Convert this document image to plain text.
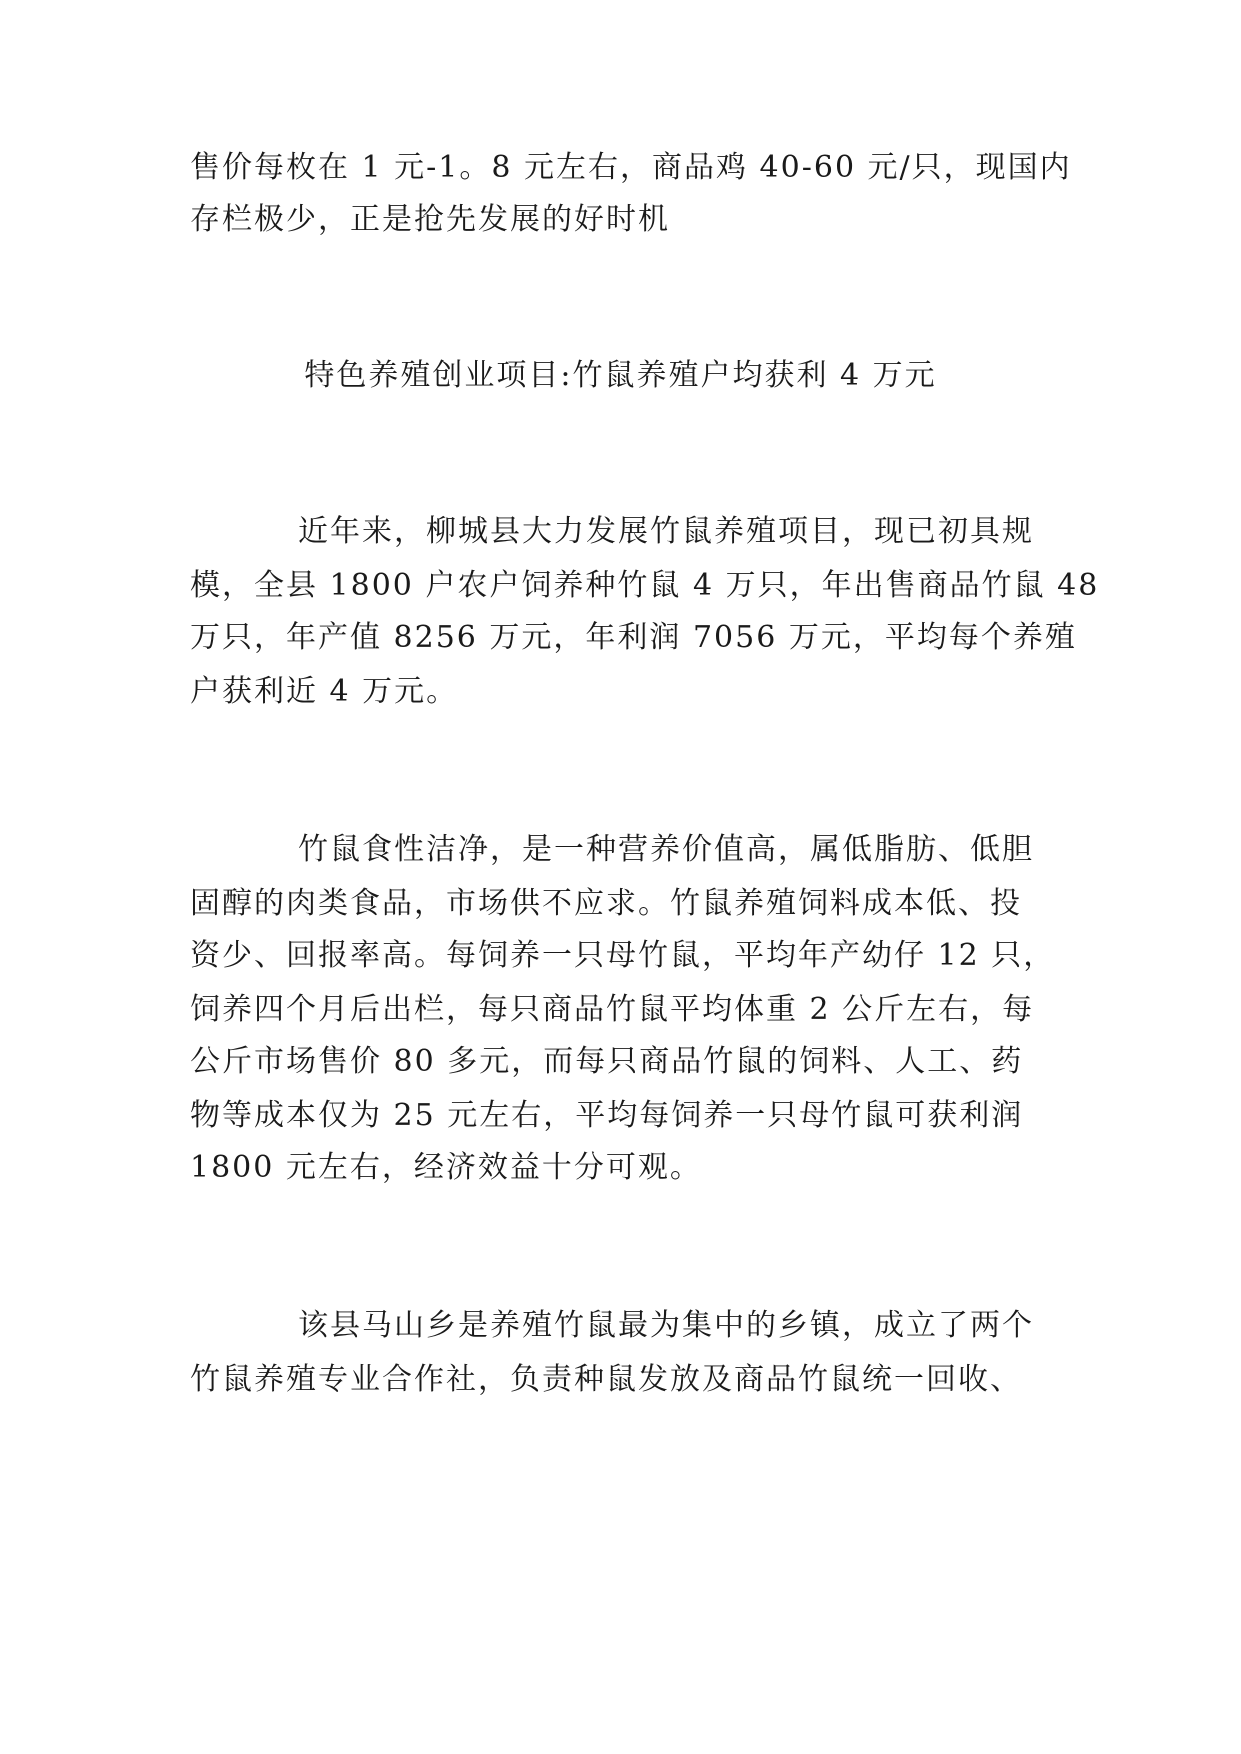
售价每枚在 1 元-1。8 元左右，商品鸡 40-60 元/只，现国内
存栏极少，正是抢先发展的好时机
特色养殖创业项目:竹鼠养殖户均获利 4 万元
近年来，柳城县大力发展竹鼠养殖项目，现已初具规
模，全县 1800 户农户饲养种竹鼠 4 万只，年出售商品竹鼠 48
万只，年产值 8256 万元，年利润 7056 万元，平均每个养殖
户获利近 4 万元。
竹鼠食性洁净，是一种营养价值高，属低脂肪、低胆
固醇的肉类食品，市场供不应求。竹鼠养殖饲料成本低、投
资少、回报率高。每饲养一只母竹鼠，平均年产幼仔 12 只，
饲养四个月后出栏，每只商品竹鼠平均体重 2 公斤左右，每
公斤市场售价 80 多元，而每只商品竹鼠的饲料、人工、药
物等成本仅为 25 元左右，平均每饲养一只母竹鼠可获利润
1800 元左右，经济效益十分可观。
该县马山乡是养殖竹鼠最为集中的乡镇，成立了两个
竹鼠养殖专业合作社，负责种鼠发放及商品竹鼠统一回收、
